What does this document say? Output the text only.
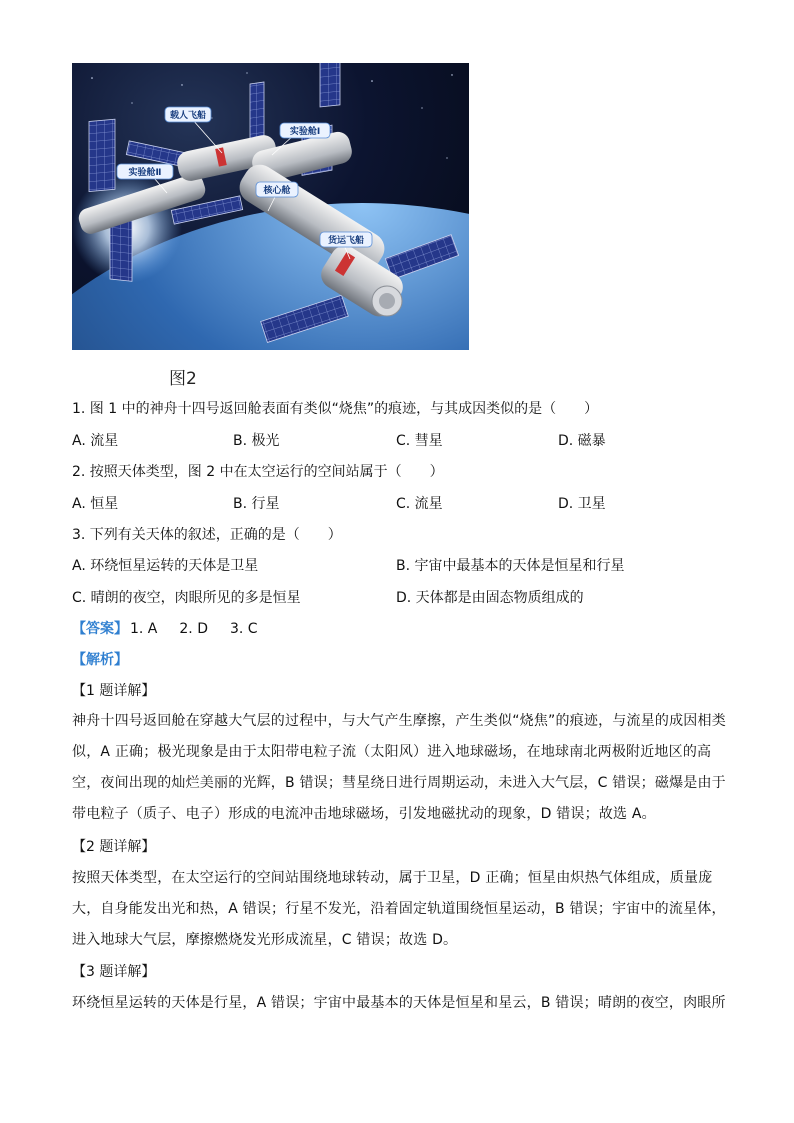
载人飞船
实验舱Ⅰ
实验舱Ⅱ
核心舱
货运飞船
图2
1. 图 1 中的神舟十四号返回舱表面有类似“烧焦”的痕迹，与其成因类似的是（　　）
A. 流星	B. 极光	C. 彗星	D. 磁暴
2. 按照天体类型，图 2 中在太空运行的空间站属于（　　）
A. 恒星	B. 行星	C. 流星	D. 卫星
3. 下列有关天体的叙述，正确的是（　　）
A. 环绕恒星运转的天体是卫星	B. 宇宙中最基本的天体是恒星和行星
C. 晴朗的夜空，肉眼所见的多是恒星	D. 天体都是由固态物质组成的
【答案】 1. A 2. D 3. C
【解析】
【1 题详解】
神舟十四号返回舱在穿越大气层的过程中，与大气产生摩擦，产生类似“烧焦”的痕迹，与流星的成因相类
似，A 正确；极光现象是由于太阳带电粒子流（太阳风）进入地球磁场，在地球南北两极附近地区的高
空，夜间出现的灿烂美丽的光辉，B 错误；彗星绕日进行周期运动，未进入大气层，C 错误；磁爆是由于
带电粒子（质子、电子）形成的电流冲击地球磁场，引发地磁扰动的现象，D 错误；故选 A。
【2 题详解】
按照天体类型，在太空运行的空间站围绕地球转动，属于卫星，D 正确；恒星由炽热气体组成，质量庞
大，自身能发出光和热，A 错误；行星不发光，沿着固定轨道围绕恒星运动，B 错误；宇宙中的流星体，
进入地球大气层，摩擦燃烧发光形成流星，C 错误；故选 D。
【3 题详解】
环绕恒星运转的天体是行星，A 错误；宇宙中最基本的天体是恒星和星云，B 错误；晴朗的夜空，肉眼所
